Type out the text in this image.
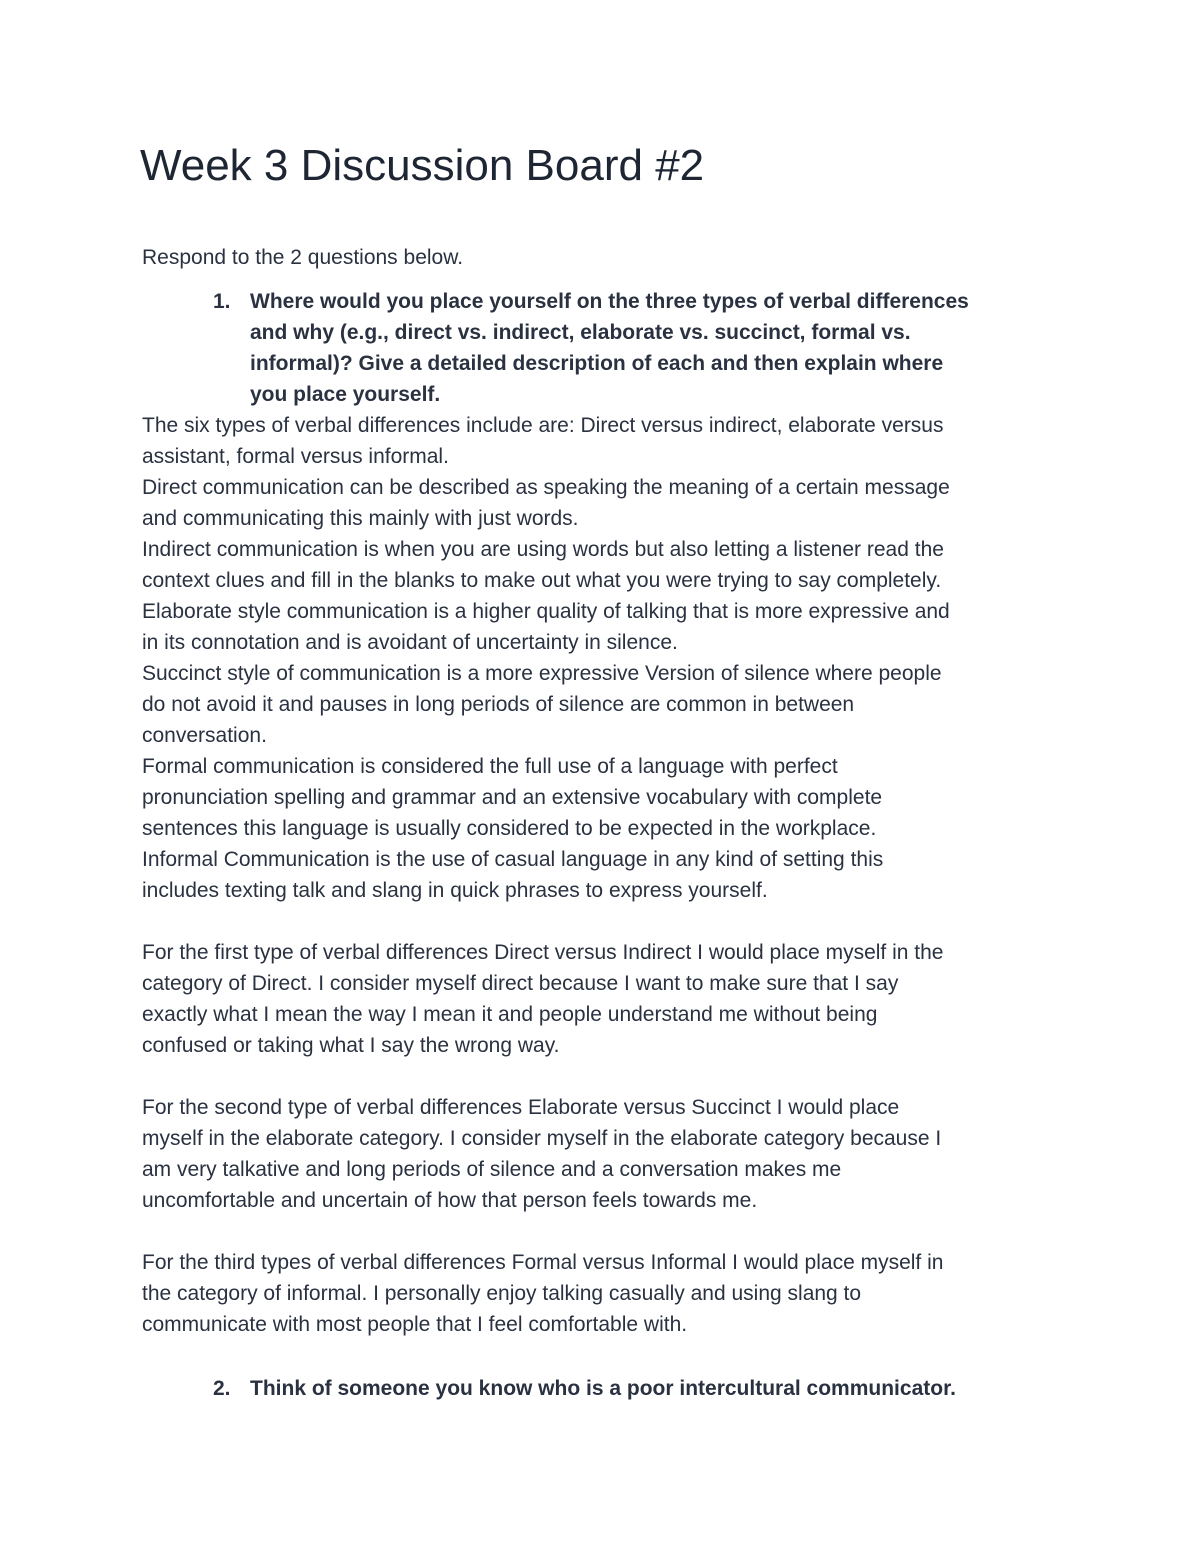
Week 3 Discussion Board #2

Respond to the 2 questions below.

1. Where would you place yourself on the three types of verbal differences
and why (e.g., direct vs. indirect, elaborate vs. succinct, formal vs.
informal)? Give a detailed description of each and then explain where
you place yourself.
The six types of verbal differences include are: Direct versus indirect, elaborate versus
assistant, formal versus informal.
Direct communication can be described as speaking the meaning of a certain message
and communicating this mainly with just words.
Indirect communication is when you are using words but also letting a listener read the
context clues and fill in the blanks to make out what you were trying to say completely.
Elaborate style communication is a higher quality of talking that is more expressive and
in its connotation and is avoidant of uncertainty in silence.
Succinct style of communication is a more expressive Version of silence where people
do not avoid it and pauses in long periods of silence are common in between
conversation.
Formal communication is considered the full use of a language with perfect
pronunciation spelling and grammar and an extensive vocabulary with complete
sentences this language is usually considered to be expected in the workplace.
Informal Communication is the use of casual language in any kind of setting this
includes texting talk and slang in quick phrases to express yourself.
For the first type of verbal differences Direct versus Indirect I would place myself in the
category of Direct. I consider myself direct because I want to make sure that I say
exactly what I mean the way I mean it and people understand me without being
confused or taking what I say the wrong way.
For the second type of verbal differences Elaborate versus Succinct I would place
myself in the elaborate category. I consider myself in the elaborate category because I
am very talkative and long periods of silence and a conversation makes me
uncomfortable and uncertain of how that person feels towards me.
For the third types of verbal differences Formal versus Informal I would place myself in
the category of informal. I personally enjoy talking casually and using slang to
communicate with most people that I feel comfortable with.
2. Think of someone you know who is a poor intercultural communicator.
